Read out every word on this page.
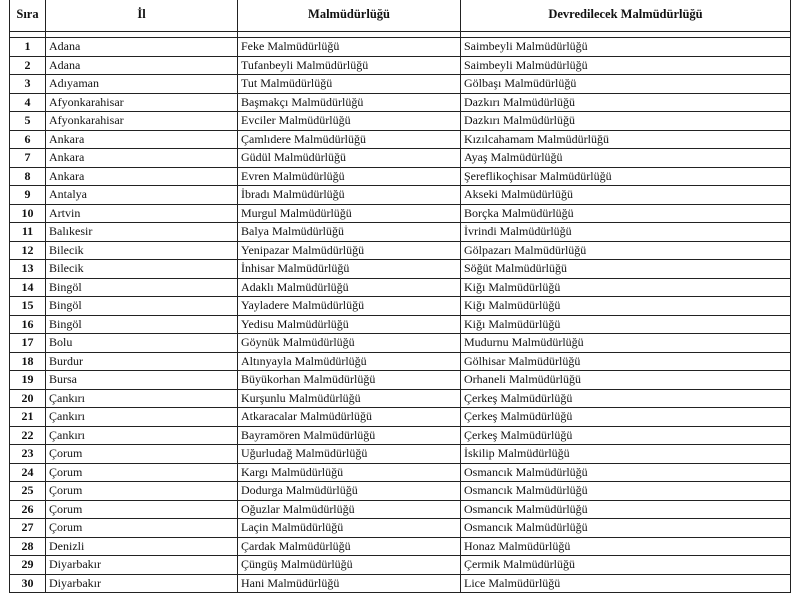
Sıra	İl	Malmüdürlüğü	Devredilecek Malmüdürlüğü

1	Adana	Feke Malmüdürlüğü	Saimbeyli Malmüdürlüğü
2	Adana	Tufanbeyli Malmüdürlüğü	Saimbeyli Malmüdürlüğü
3	Adıyaman	Tut Malmüdürlüğü	Gölbaşı Malmüdürlüğü
4	Afyonkarahisar	Başmakçı Malmüdürlüğü	Dazkırı Malmüdürlüğü
5	Afyonkarahisar	Evciler Malmüdürlüğü	Dazkırı Malmüdürlüğü
6	Ankara	Çamlıdere Malmüdürlüğü	Kızılcahamam Malmüdürlüğü
7	Ankara	Güdül Malmüdürlüğü	Ayaş Malmüdürlüğü
8	Ankara	Evren Malmüdürlüğü	Şereflikoçhisar Malmüdürlüğü
9	Antalya	İbradı Malmüdürlüğü	Akseki Malmüdürlüğü
10	Artvin	Murgul Malmüdürlüğü	Borçka Malmüdürlüğü
11	Balıkesir	Balya Malmüdürlüğü	İvrindi Malmüdürlüğü
12	Bilecik	Yenipazar Malmüdürlüğü	Gölpazarı Malmüdürlüğü
13	Bilecik	İnhisar Malmüdürlüğü	Söğüt Malmüdürlüğü
14	Bingöl	Adaklı Malmüdürlüğü	Kiğı Malmüdürlüğü
15	Bingöl	Yayladere Malmüdürlüğü	Kiğı Malmüdürlüğü
16	Bingöl	Yedisu Malmüdürlüğü	Kiğı Malmüdürlüğü
17	Bolu	Göynük Malmüdürlüğü	Mudurnu Malmüdürlüğü
18	Burdur	Altınyayla Malmüdürlüğü	Gölhisar Malmüdürlüğü
19	Bursa	Büyükorhan Malmüdürlüğü	Orhaneli Malmüdürlüğü
20	Çankırı	Kurşunlu Malmüdürlüğü	Çerkeş Malmüdürlüğü
21	Çankırı	Atkaracalar Malmüdürlüğü	Çerkeş Malmüdürlüğü
22	Çankırı	Bayramören Malmüdürlüğü	Çerkeş Malmüdürlüğü
23	Çorum	Uğurludağ Malmüdürlüğü	İskilip Malmüdürlüğü
24	Çorum	Kargı Malmüdürlüğü	Osmancık Malmüdürlüğü
25	Çorum	Dodurga Malmüdürlüğü	Osmancık Malmüdürlüğü
26	Çorum	Oğuzlar Malmüdürlüğü	Osmancık Malmüdürlüğü
27	Çorum	Laçin Malmüdürlüğü	Osmancık Malmüdürlüğü
28	Denizli	Çardak Malmüdürlüğü	Honaz Malmüdürlüğü
29	Diyarbakır	Çüngüş Malmüdürlüğü	Çermik Malmüdürlüğü
30	Diyarbakır	Hani Malmüdürlüğü	Lice Malmüdürlüğü
